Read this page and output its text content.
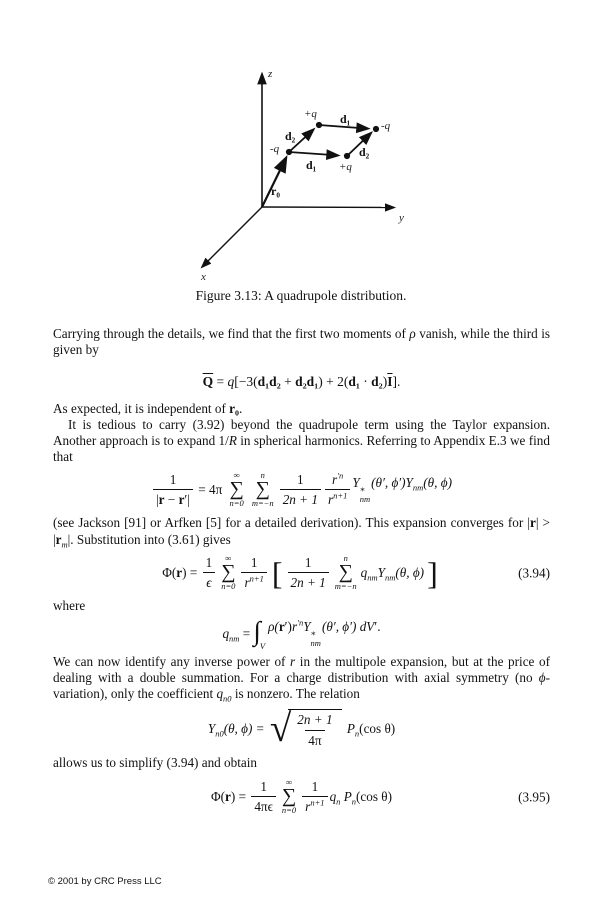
z
y
x
+q
-q
-q
+q
d₁
d₂
d₂
d₁
r₀
Figure 3.13: A quadrupole distribution.

Carrying through the details, we find that the first two moments of ρ vanish, while the third is given by

$\overline{Q} = q[-3(d_1d_2 + d_2d_1) + 2(d_1 \cdot d_2)\overline{I}]$.

As expected, it is independent of r₀.

It is tedious to carry (3.92) beyond the quadrupole term using the Taylor expansion. Another approach is to expand 1/R in spherical harmonics. Referring to Appendix E.3 we find that

$\frac{1}{|r - r'|} = 4\pi$
∞
∑
n=0
n
∑
$m=-n \frac{1}{2n + 1} \frac{r^{'n}}{r^{n+1}}$ Y ∗
nm
(θ′, $\phi')Y_{nm}(\theta$, ϕ)

(see Jackson [91] or Arfken [5] for a detailed derivation). This expansion converges for $|r| > |r_m|$. Substitution into (3.61) gives

$\Phi(r) = \frac{1}{\epsilon}$ ∞
∑
$n=0 \frac{1}{r^{n+1}}$ [ $\frac{1}{2n + 1}$ n
∑
m=−n
$q_{nm}Y_{nm}(\theta$, ϕ) ]	(3.94)

where

$q_{nm} = \int_V$
$\rho(r')r^{'n}Y$ ∗
nm
(θ′, ϕ′) dV′.

We can now identify any inverse power of r in the multipole expansion, but at the price of dealing with a double summation. For a charge distribution with axial symmetry (no ϕ-variation), only the coefficient $q_{n0}$ is nonzero. The relation

$Y_{n0}(\theta$, ϕ) = √ $\frac{2n + 1}{4\pi} P_n(\cos$ θ)

allows us to simplify (3.94) and obtain

$\Phi(r) = \frac{1}{4\pi\epsilon}$ ∞
∑
$n=0 \frac{1}{r^{n+1}} q_n$ $P_n(\cos$ θ)	(3.95)
© 2001 by CRC Press LLC
